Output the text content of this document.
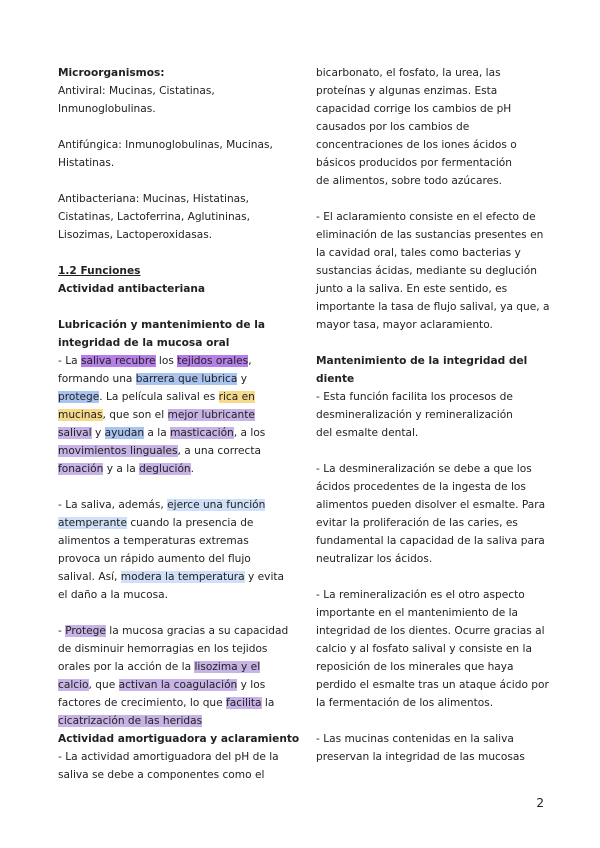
Microorganismos:
Antiviral: Mucinas, Cistatinas,
Inmunoglobulinas.
Antifúngica: Inmunoglobulinas, Mucinas,
Histatinas.
Antibacteriana: Mucinas, Histatinas,
Cistatinas, Lactoferrina, Aglutininas,
Lisozimas, Lactoperoxidasas.
1.2 Funciones
Actividad antibacteriana
Lubricación y mantenimiento de la
integridad de la mucosa oral
- La saliva recubre los tejidos orales,
formando una barrera que lubrica y
protege. La película salival es rica en
mucinas, que son el mejor lubricante
salival y ayudan a la masticación, a los
movimientos linguales, a una correcta
fonación y a la deglución.
- La saliva, además, ejerce una función
atemperante cuando la presencia de
alimentos a temperaturas extremas
provoca un rápido aumento del flujo
salival. Así, modera la temperatura y evita
el daño a la mucosa.
- Protege la mucosa gracias a su capacidad
de disminuir hemorragias en los tejidos
orales por la acción de la lisozima y el
calcio, que activan la coagulación y los
factores de crecimiento, lo que facilita la
cicatrización de las heridas
Actividad amortiguadora y aclaramiento
- La actividad amortiguadora del pH de la
saliva se debe a componentes como el
bicarbonato, el fosfato, la urea, las
proteínas y algunas enzimas. Esta
capacidad corrige los cambios de pH
causados por los cambios de
concentraciones de los iones ácidos o
básicos producidos por fermentación
de alimentos, sobre todo azúcares.
- El aclaramiento consiste en el efecto de
eliminación de las sustancias presentes en
la cavidad oral, tales como bacterias y
sustancias ácidas, mediante su deglución
junto a la saliva. En este sentido, es
importante la tasa de flujo salival, ya que, a
mayor tasa, mayor aclaramiento.
Mantenimiento de la integridad del
diente
- Esta función facilita los procesos de
desmineralización y remineralización
del esmalte dental.
- La desmineralización se debe a que los
ácidos procedentes de la ingesta de los
alimentos pueden disolver el esmalte. Para
evitar la proliferación de las caries, es
fundamental la capacidad de la saliva para
neutralizar los ácidos.
- La remineralización es el otro aspecto
importante en el mantenimiento de la
integridad de los dientes. Ocurre gracias al
calcio y al fosfato salival y consiste en la
reposición de los minerales que haya
perdido el esmalte tras un ataque ácido por
la fermentación de los alimentos.
- Las mucinas contenidas en la saliva
preservan la integridad de las mucosas
2
